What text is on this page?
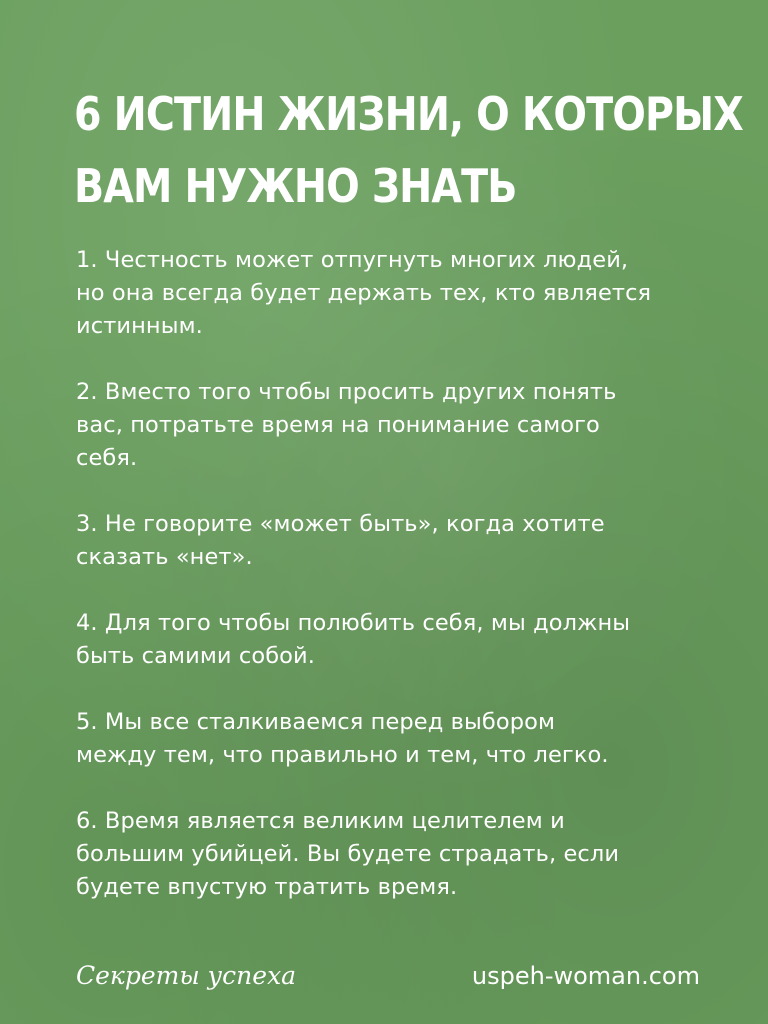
6 ИСТИН ЖИЗНИ, О КОТОРЫХ
ВАМ НУЖНО ЗНАТЬ
1. Честность может отпугнуть многих людей,
но она всегда будет держать тех, кто является
истинным.
2. Вместо того чтобы просить других понять
вас, потратьте время на понимание самого
себя.
3. Не говорите «может быть», когда хотите
сказать «нет».
4. Для того чтобы полюбить себя, мы должны
быть самими собой.
5. Мы все сталкиваемся перед выбором
между тем, что правильно и тем, что легко.
6. Время является великим целителем и
большим убийцей. Вы будете страдать, если
будете впустую тратить время.
Секреты успеха	uspeh-woman.com
